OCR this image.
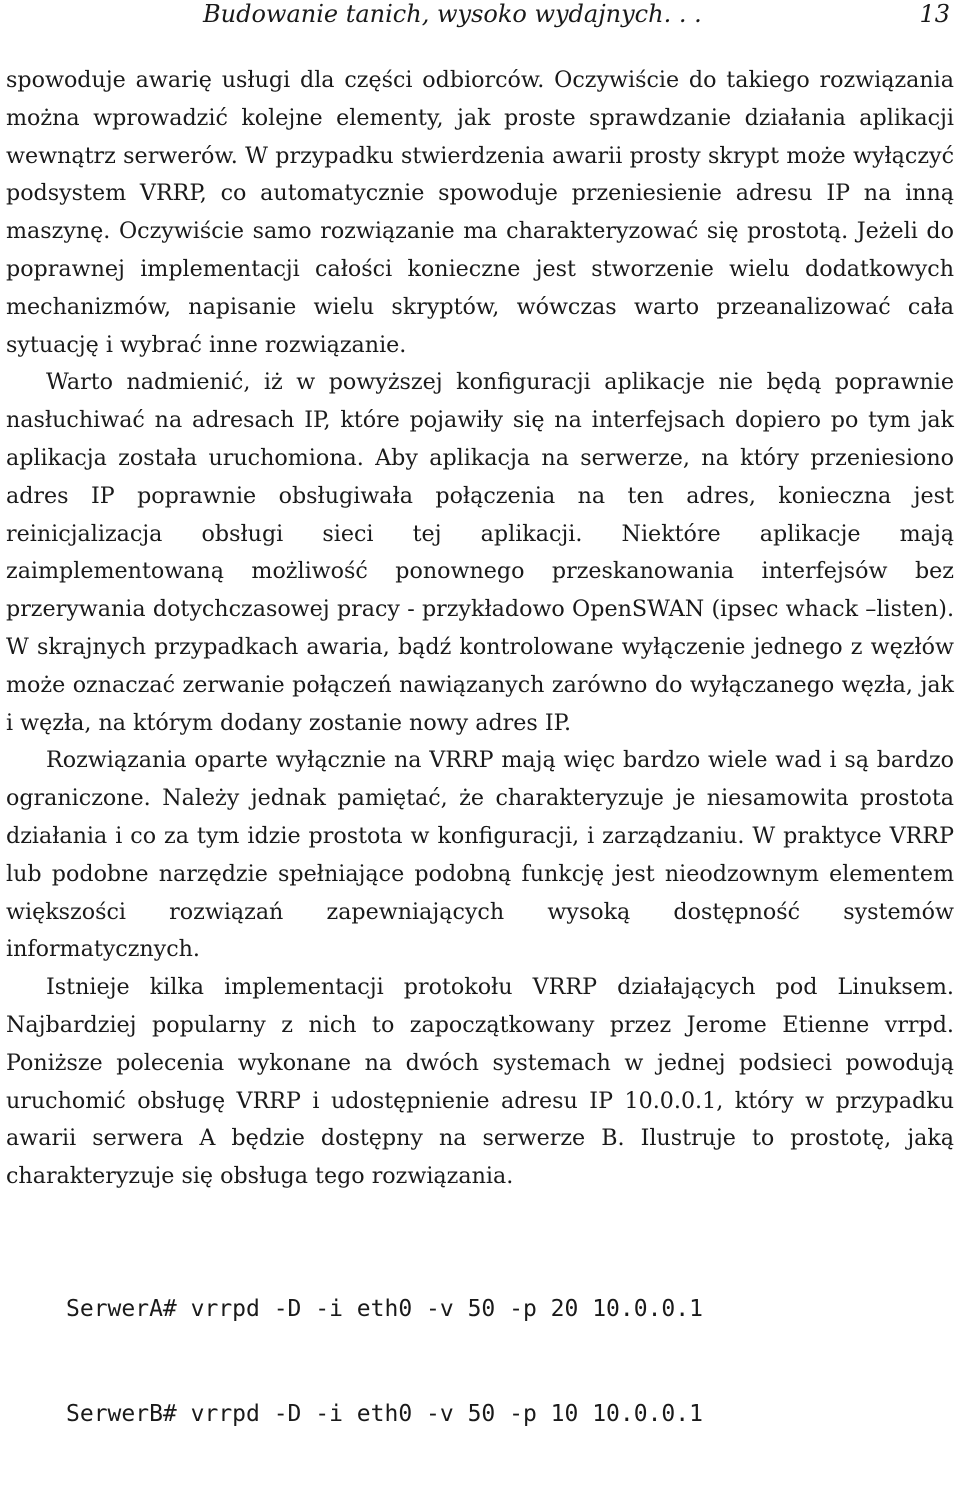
Budowanie tanich, wysoko wydajnych. . .	13

spowoduje awarię usługi dla części odbiorców. Oczywiście do takiego rozwiązania można wprowadzić kolejne elementy, jak proste sprawdzanie działania aplikacji wewnątrz serwerów. W przypadku stwierdzenia awarii prosty skrypt może wyłączyć podsystem VRRP, co automatycznie spowoduje przeniesienie adresu IP na inną maszynę. Oczywiście samo rozwiązanie ma charakteryzować się prostotą. Jeżeli do poprawnej implementacji całości konieczne jest stworzenie wielu dodatkowych mechanizmów, napisanie wielu skryptów, wówczas warto przeanalizować cała sytuację i wybrać inne rozwiązanie.

Warto nadmienić, iż w powyższej konfiguracji aplikacje nie będą poprawnie nasłuchiwać na adresach IP, które pojawiły się na interfejsach dopiero po tym jak aplikacja została uruchomiona. Aby aplikacja na serwerze, na który przeniesiono adres IP poprawnie obsługiwała połączenia na ten adres, konieczna jest reinicjalizacja obsługi sieci tej aplikacji. Niektóre aplikacje mają zaimplementowaną możliwość ponownego przeskanowania interfejsów bez przerywania dotychczasowej pracy - przykładowo OpenSWAN (ipsec whack –listen). W skrajnych przypadkach awaria, bądź kontrolowane wyłączenie jednego z węzłów może oznaczać zerwanie połączeń nawiązanych zarówno do wyłączanego węzła, jak i węzła, na którym dodany zostanie nowy adres IP.

Rozwiązania oparte wyłącznie na VRRP mają więc bardzo wiele wad i są bardzo ograniczone. Należy jednak pamiętać, że charakteryzuje je niesamowita prostota działania i co za tym idzie prostota w konfiguracji, i zarządzaniu. W praktyce VRRP lub podobne narzędzie spełniające podobną funkcję jest nieodzownym elementem większości rozwiązań zapewniających wysoką dostępność systemów informatycznych.

Istnieje kilka implementacji protokołu VRRP działających pod Linuksem. Najbardziej popularny z nich to zapoczątkowany przez Jerome Etienne vrrpd. Poniższe polecenia wykonane na dwóch systemach w jednej podsieci powodują uruchomić obsługę VRRP i udostępnienie adresu IP 10.0.0.1, który w przypadku awarii serwera A będzie dostępny na serwerze B. Ilustruje to prostotę, jaką charakteryzuje się obsługa tego rozwiązania.

SerwerA# vrrpd -D -i eth0 -v 50 -p 20 10.0.0.1

SerwerB# vrrpd -D -i eth0 -v 50 -p 10 10.0.0.1
